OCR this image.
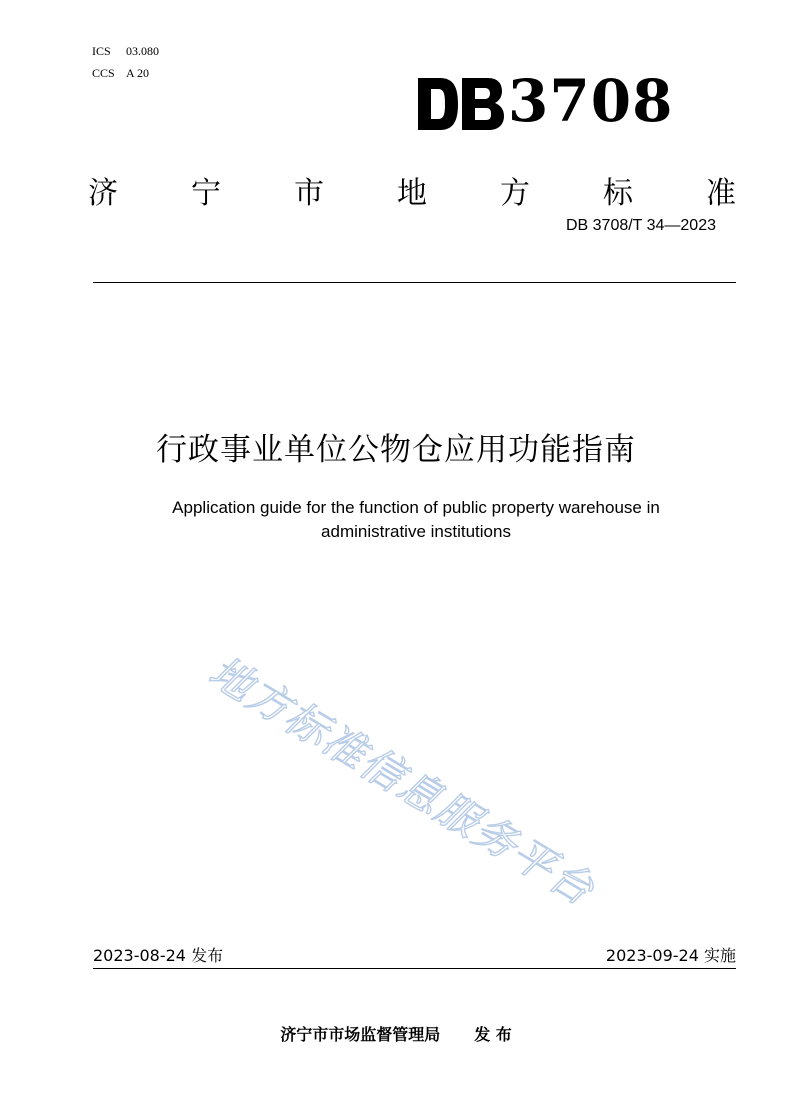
ICS 03.080
CCS A 20	3708
济 宁 市 地 方 标 准
DB 3708/T 34—2023
行政事业单位公物仓应用功能指南
Application guide for the function of public property warehouse in
administrative institutions
地方标准信息服务平台
2023-08-24 发布	2023-09-24 实施
济宁市市场监督管理局 发 布
